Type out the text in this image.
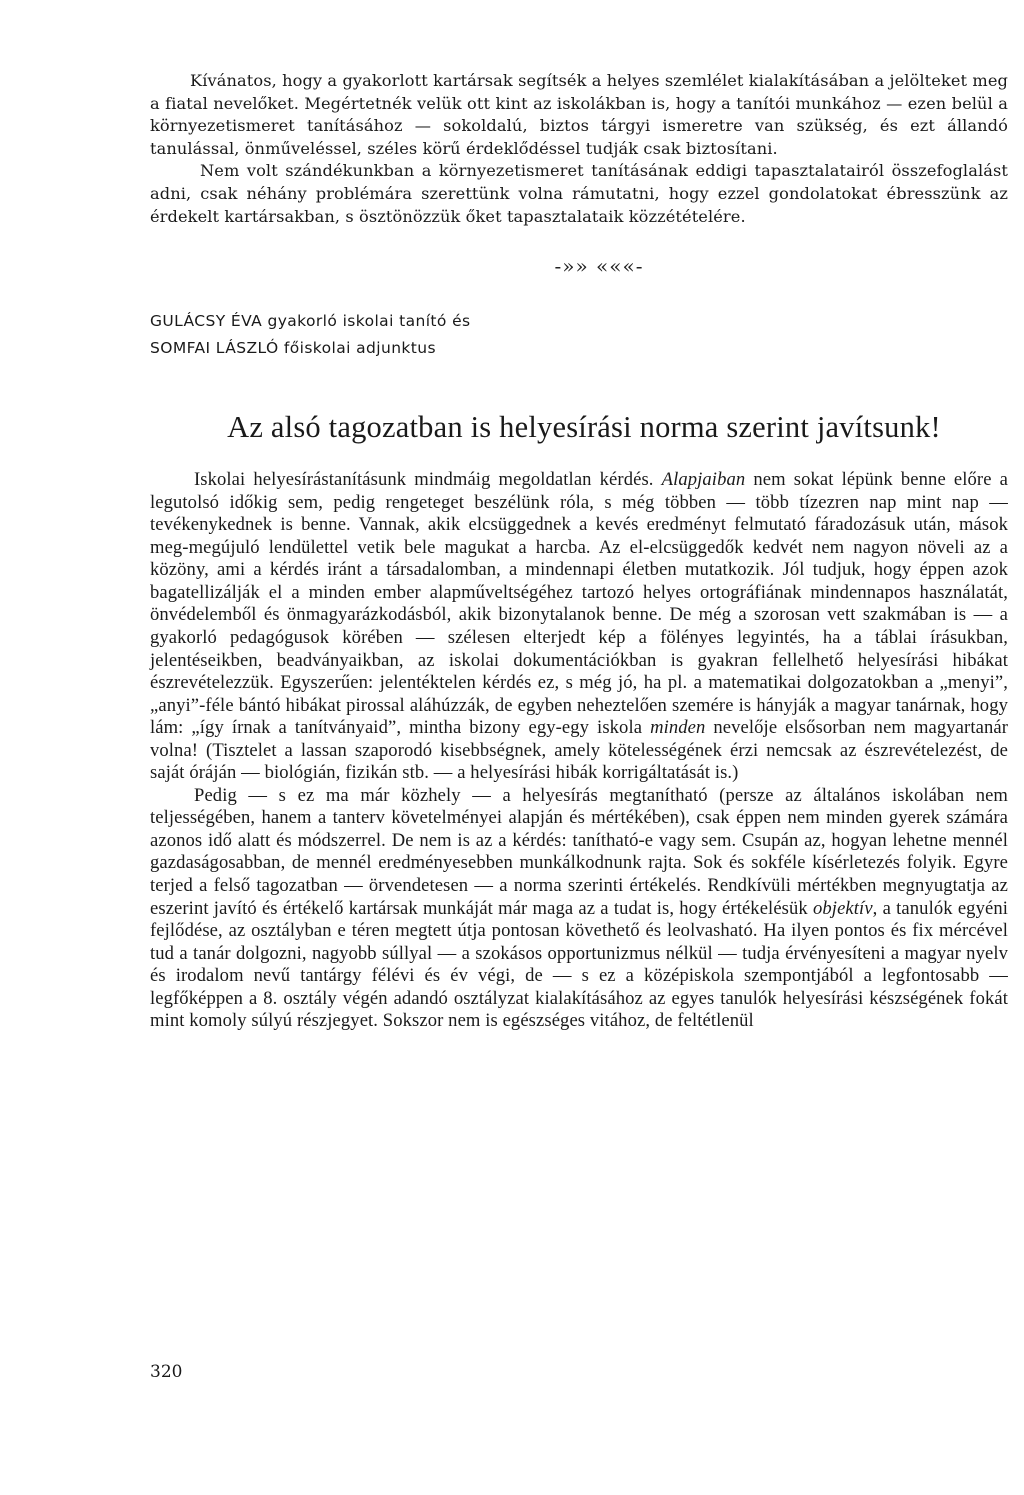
Kívánatos, hogy a gyakorlott kartársak segítsék a helyes szemlélet kialakításában a jelölteket meg a fiatal nevelőket. Megértetnék velük ott kint az iskolákban is, hogy a tanítói munkához — ezen belül a környezetismeret tanításához — sokoldalú, biztos tárgyi ismeretre van szükség, és ezt állandó tanulással, önműveléssel, széles körű érdeklődéssel tudják csak biztosítani.

Nem volt szándékunkban a környezetismeret tanításának eddigi tapasztalatairól összefoglalást adni, csak néhány problémára szerettünk volna rámutatni, hogy ezzel gondolatokat ébresszünk az érdekelt kartársakban, s ösztönözzük őket tapasztalataik közzétételére.

-»» «««-

GULÁCSY ÉVA gyakorló iskolai tanító és

SOMFAI LÁSZLÓ főiskolai adjunktus

Az alsó tagozatban is helyesírási norma szerint javítsunk!

Iskolai helyesírástanításunk mindmáig megoldatlan kérdés. Alapjaiban nem sokat lépünk benne előre a legutolsó időkig sem, pedig rengeteget beszélünk róla, s még többen — több tízezren nap mint nap — tevékenykednek is benne. Vannak, akik elcsüggednek a kevés eredményt felmutató fáradozásuk után, mások meg-megújuló lendülettel vetik bele magukat a harcba. Az el-elcsüggedők kedvét nem nagyon növeli az a közöny, ami a kérdés iránt a társadalomban, a mindennapi életben mutatkozik. Jól tudjuk, hogy éppen azok bagatellizálják el a minden ember alapműveltségéhez tartozó helyes ortográfiának mindennapos használatát, önvédelemből és önmagyarázkodásból, akik bizonytalanok benne. De még a szorosan vett szakmában is — a gyakorló pedagógusok körében — szélesen elterjedt kép a fölényes legyintés, ha a táblai írásukban, jelentéseikben, beadványaikban, az iskolai dokumentációkban is gyakran fellelhető helyesírási hibákat észrevételezzük. Egyszerűen: jelentéktelen kérdés ez, s még jó, ha pl. a matematikai dolgozatokban a „menyi”, „anyi”-féle bántó hibákat pirossal aláhúzzák, de egyben neheztelően szemére is hányják a magyar tanárnak, hogy lám: „így írnak a tanítványaid”, mintha bizony egy-egy iskola minden nevelője elsősorban nem magyartanár volna! (Tisztelet a lassan szaporodó kisebbségnek, amely kötelességének érzi nemcsak az észrevételezést, de saját óráján — biológián, fizikán stb. — a helyesírási hibák korrigáltatását is.)

Pedig — s ez ma már közhely — a helyesírás megtanítható (persze az általános iskolában nem teljességében, hanem a tanterv követelményei alapján és mértékében), csak éppen nem minden gyerek számára azonos idő alatt és módszerrel. De nem is az a kérdés: tanítható-e vagy sem. Csupán az, hogyan lehetne mennél gazdaságosabban, de mennél eredményesebben munkálkodnunk rajta. Sok és sokféle kísérletezés folyik. Egyre terjed a felső tagozatban — örvendetesen — a norma szerinti értékelés. Rendkívüli mértékben megnyugtatja az eszerint javító és értékelő kartársak munkáját már maga az a tudat is, hogy értékelésük objektív, a tanulók egyéni fejlődése, az osztályban e téren megtett útja pontosan követhető és leolvasható. Ha ilyen pontos és fix mércével tud a tanár dolgozni, nagyobb súllyal — a szokásos opportunizmus nélkül — tudja érvényesíteni a magyar nyelv és irodalom nevű tantárgy félévi és év végi, de — s ez a középiskola szempontjából a legfontosabb — legfőképpen a 8. osztály végén adandó osztályzat kialakításához az egyes tanulók helyesírási készségének fokát mint komoly súlyú részjegyet. Sokszor nem is egészséges vitához, de feltétlenül

320
